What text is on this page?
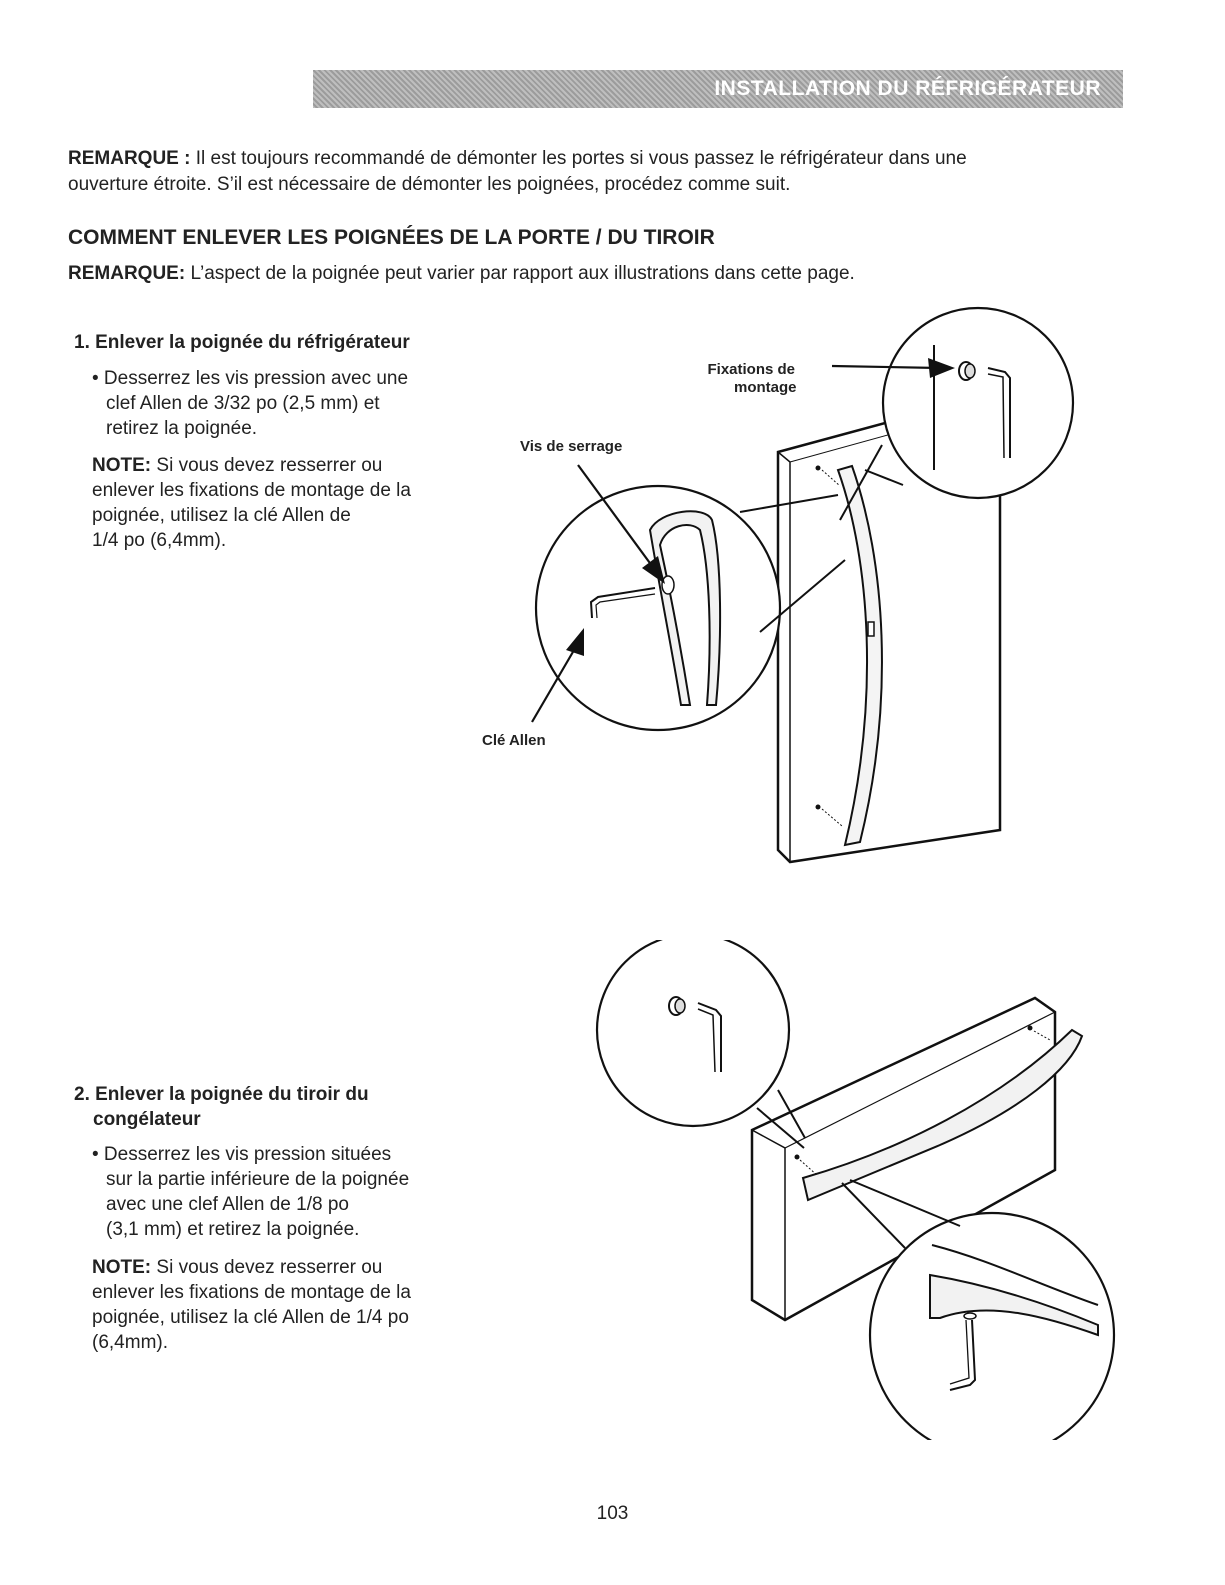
INSTALLATION DU RÉFRIGÉRATEUR

REMARQUE : Il est toujours recommandé de démonter les portes si vous passez le réfrigérateur dans une

ouverture étroite. S’il est nécessaire de démonter les poignées, procédez comme suit.

COMMENT ENLEVER LES POIGNÉES DE LA PORTE / DU TIROIR

REMARQUE: L’aspect de la poignée peut varier par rapport aux illustrations dans cette page.

1. Enlever la poignée du réfrigérateur

• Desserrez les vis pression avec une

clef Allen de 3/32 po (2,5 mm) et

retirez la poignée.

NOTE: Si vous devez resserrer ou

enlever les fixations de montage de la

poignée, utilisez la clé Allen de

1/4 po (6,4mm).

2. Enlever la poignée du tiroir du

congélateur

• Desserrez les vis pression situées

sur la partie inférieure de la poignée

avec une clef Allen de 1/8 po

(3,1 mm) et retirez la poignée.

NOTE: Si vous devez resserrer ou

enlever les fixations de montage de la

poignée, utilisez la clé Allen de 1/4 po

(6,4mm).

Fixations de
montage
Vis de serrage
Clé Allen
103
